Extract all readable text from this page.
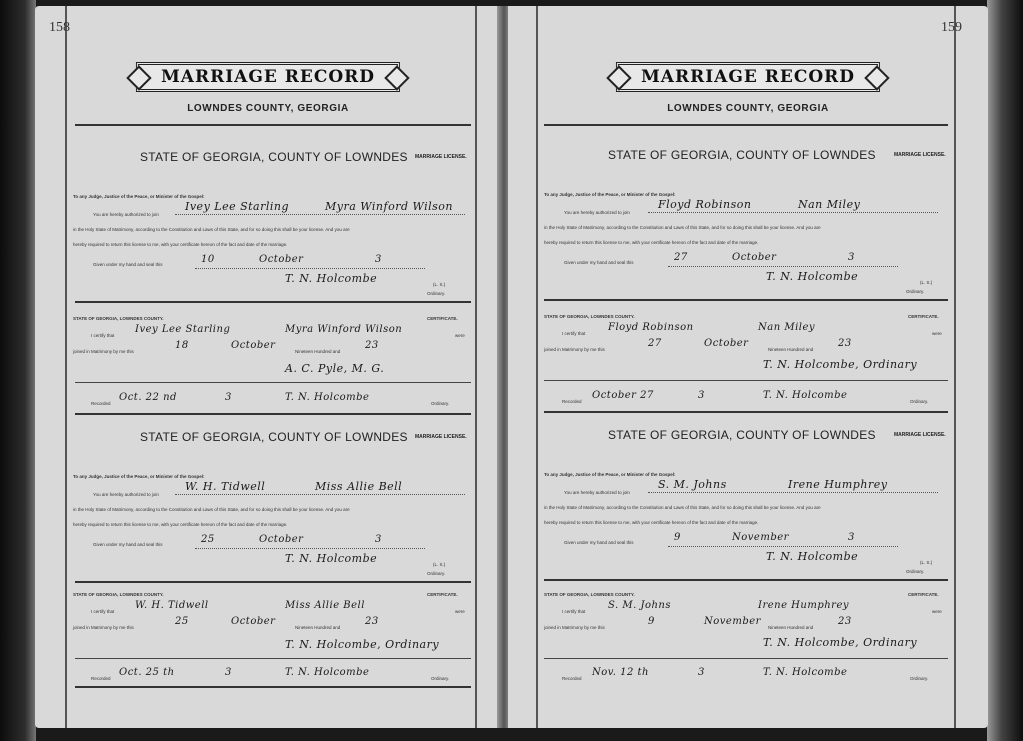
158
MARRIAGE RECORD
LOWNDES COUNTY, GEORGIA
STATE OF GEORGIA, COUNTY OF LOWNDES MARRIAGE LICENSE.
To any Judge, Justice of the Peace, or Minister of the Gospel:
You are hereby authorized to join
Ivey Lee Starling	Myra Winford Wilson
in the Holy State of Matrimony, according to the Constitution and Laws of this State, and for so doing this shall be your license. And you are
hereby required to return this license to me, with your certificate hereon of the fact and date of the marriage.
Given under my hand and seal this	10	October	3
T. N. Holcombe	(L. S.)
Ordinary.
STATE OF GEORGIA, LOWNDES COUNTY.	CERTIFICATE.
I certify that
Ivey Lee Starling	Myra Winford Wilson
were
joined in Matrimony by me this
18	October
Nineteen Hundred and
23
A. C. Pyle, M. G.
Recorded
Oct. 22 nd	3	T. N. Holcombe
Ordinary.
STATE OF GEORGIA, COUNTY OF LOWNDES MARRIAGE LICENSE.
To any Judge, Justice of the Peace, or Minister of the Gospel:
You are hereby authorized to join
W. H. Tidwell	Miss Allie Bell
in the Holy State of Matrimony, according to the Constitution and Laws of this State, and for so doing this shall be your license. And you are
hereby required to return this license to me, with your certificate hereon of the fact and date of the marriage.
Given under my hand and seal this	25	October	3
T. N. Holcombe	(L. S.)
Ordinary.
STATE OF GEORGIA, LOWNDES COUNTY.	CERTIFICATE.
I certify that
W. H. Tidwell	Miss Allie Bell
were
joined in Matrimony by me this
25	October
Nineteen Hundred and
23
T. N. Holcombe, Ordinary
Recorded
Oct. 25 th	3	T. N. Holcombe
Ordinary.
159
MARRIAGE RECORD
LOWNDES COUNTY, GEORGIA
STATE OF GEORGIA, COUNTY OF LOWNDES	MARRIAGE LICENSE.
To any Judge, Justice of the Peace, or Minister of the Gospel:
You are hereby authorized to join
Floyd Robinson	Nan Miley
in the Holy State of Matrimony, according to the Constitution and Laws of this State, and for so doing this shall be your license. And you are
hereby required to return this license to me, with your certificate hereon of the fact and date of the marriage.
Given under my hand and seal this	27	October	3
T. N. Holcombe	(L. S.)
Ordinary.
STATE OF GEORGIA, LOWNDES COUNTY.	CERTIFICATE.
I certify that
Floyd Robinson	Nan Miley
were
joined in Matrimony by me this
27	October
Nineteen Hundred and
23
T. N. Holcombe, Ordinary
Recorded
October 27	3	T. N. Holcombe
Ordinary.
STATE OF GEORGIA, COUNTY OF LOWNDES	MARRIAGE LICENSE.
To any Judge, Justice of the Peace, or Minister of the Gospel:
You are hereby authorized to join
S. M. Johns	Irene Humphrey
in the Holy State of Matrimony, according to the Constitution and Laws of this State, and for so doing this shall be your license. And you are
hereby required to return this license to me, with your certificate hereon of the fact and date of the marriage.
Given under my hand and seal this	9	November	3
T. N. Holcombe	(L. S.)
Ordinary.
STATE OF GEORGIA, LOWNDES COUNTY.	CERTIFICATE.
I certify that
S. M. Johns	Irene Humphrey
were
joined in Matrimony by me this
9	November
Nineteen Hundred and
23
T. N. Holcombe, Ordinary
Recorded
Nov. 12 th	3	T. N. Holcombe
Ordinary.
